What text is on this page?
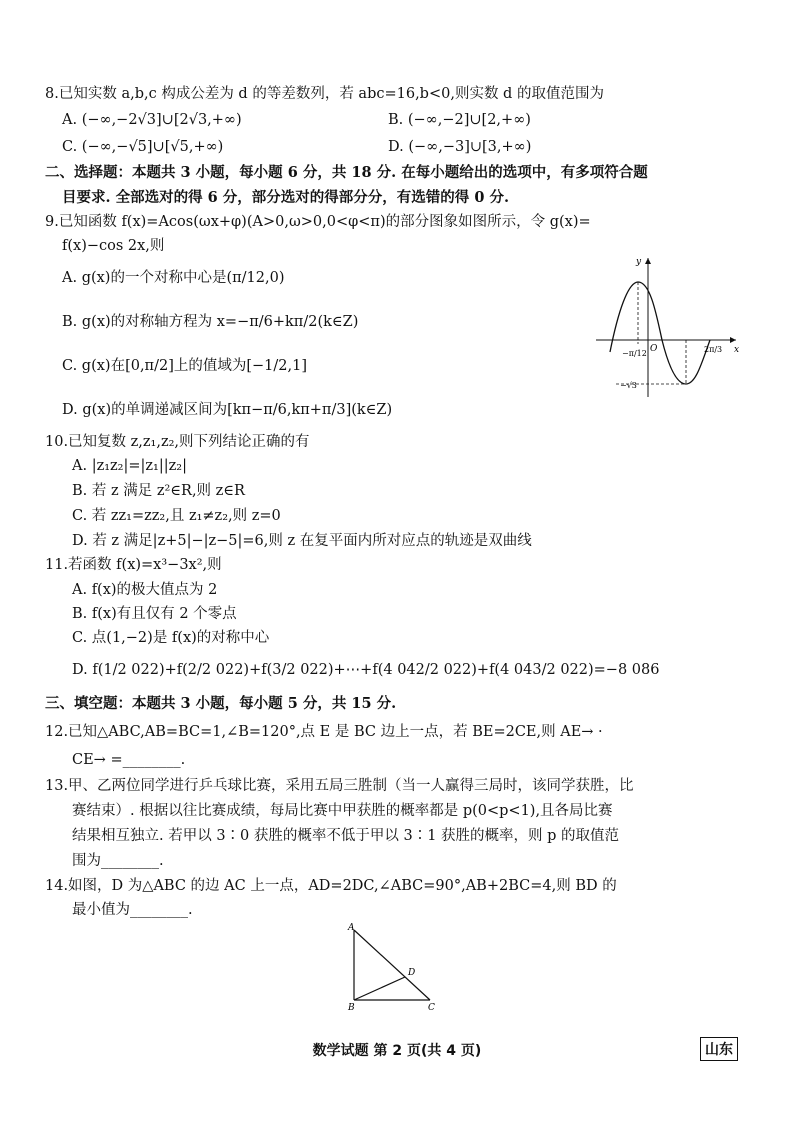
8.已知实数 a,b,c 构成公差为 d 的等差数列，若 abc=16,b<0,则实数 d 的取值范围为
A. (−∞,−2√3]∪[2√3,+∞)	B. (−∞,−2]∪[2,+∞)
C. (−∞,−√5]∪[√5,+∞)	D. (−∞,−3]∪[3,+∞)
二、选择题：本题共 3 小题，每小题 6 分，共 18 分. 在每小题给出的选项中，有多项符合题
目要求. 全部选对的得 6 分，部分选对的得部分分，有选错的得 0 分.
9.已知函数 f(x)=Acos(ωx+φ)(A>0,ω>0,0<φ<π)的部分图象如图所示，令 g(x)=
f(x)−cos 2x,则
A. g(x)的一个对称中心是(π/12,0)
B. g(x)的对称轴方程为 x=−π/6+kπ/2(k∈Z)
C. g(x)在[0,π/2]上的值域为[−1/2,1]
D. g(x)的单调递减区间为[kπ−π/6,kπ+π/3](k∈Z)
y
x
O
−π/12	2π/3
−√3
10.已知复数 z,z₁,z₂,则下列结论正确的有
A. |z₁z₂|=|z₁||z₂|
B. 若 z 满足 z²∈R,则 z∈R
C. 若 zz₁=zz₂,且 z₁≠z₂,则 z=0
D. 若 z 满足|z+5|−|z−5|=6,则 z 在复平面内所对应点的轨迹是双曲线
11.若函数 f(x)=x³−3x²,则
A. f(x)的极大值点为 2
B. f(x)有且仅有 2 个零点
C. 点(1,−2)是 f(x)的对称中心
D. f(1/2 022)+f(2/2 022)+f(3/2 022)+⋯+f(4 042/2 022)+f(4 043/2 022)=−8 086
三、填空题：本题共 3 小题，每小题 5 分，共 15 分.
12.已知△ABC,AB=BC=1,∠B=120°,点 E 是 BC 边上一点，若 BE=2CE,则 AE→ ·
CE→ =________.
13.甲、乙两位同学进行乒乓球比赛，采用五局三胜制（当一人赢得三局时，该同学获胜，比
赛结束）. 根据以往比赛成绩，每局比赛中甲获胜的概率都是 p(0<p<1),且各局比赛
结果相互独立. 若甲以 3∶0 获胜的概率不低于甲以 3∶1 获胜的概率，则 p 的取值范
围为________.
14.如图，D 为△ABC 的边 AC 上一点，AD=2DC,∠ABC=90°,AB+2BC=4,则 BD 的
最小值为________.
A
B	C
D
数学试题 第 2 页(共 4 页)	山东
